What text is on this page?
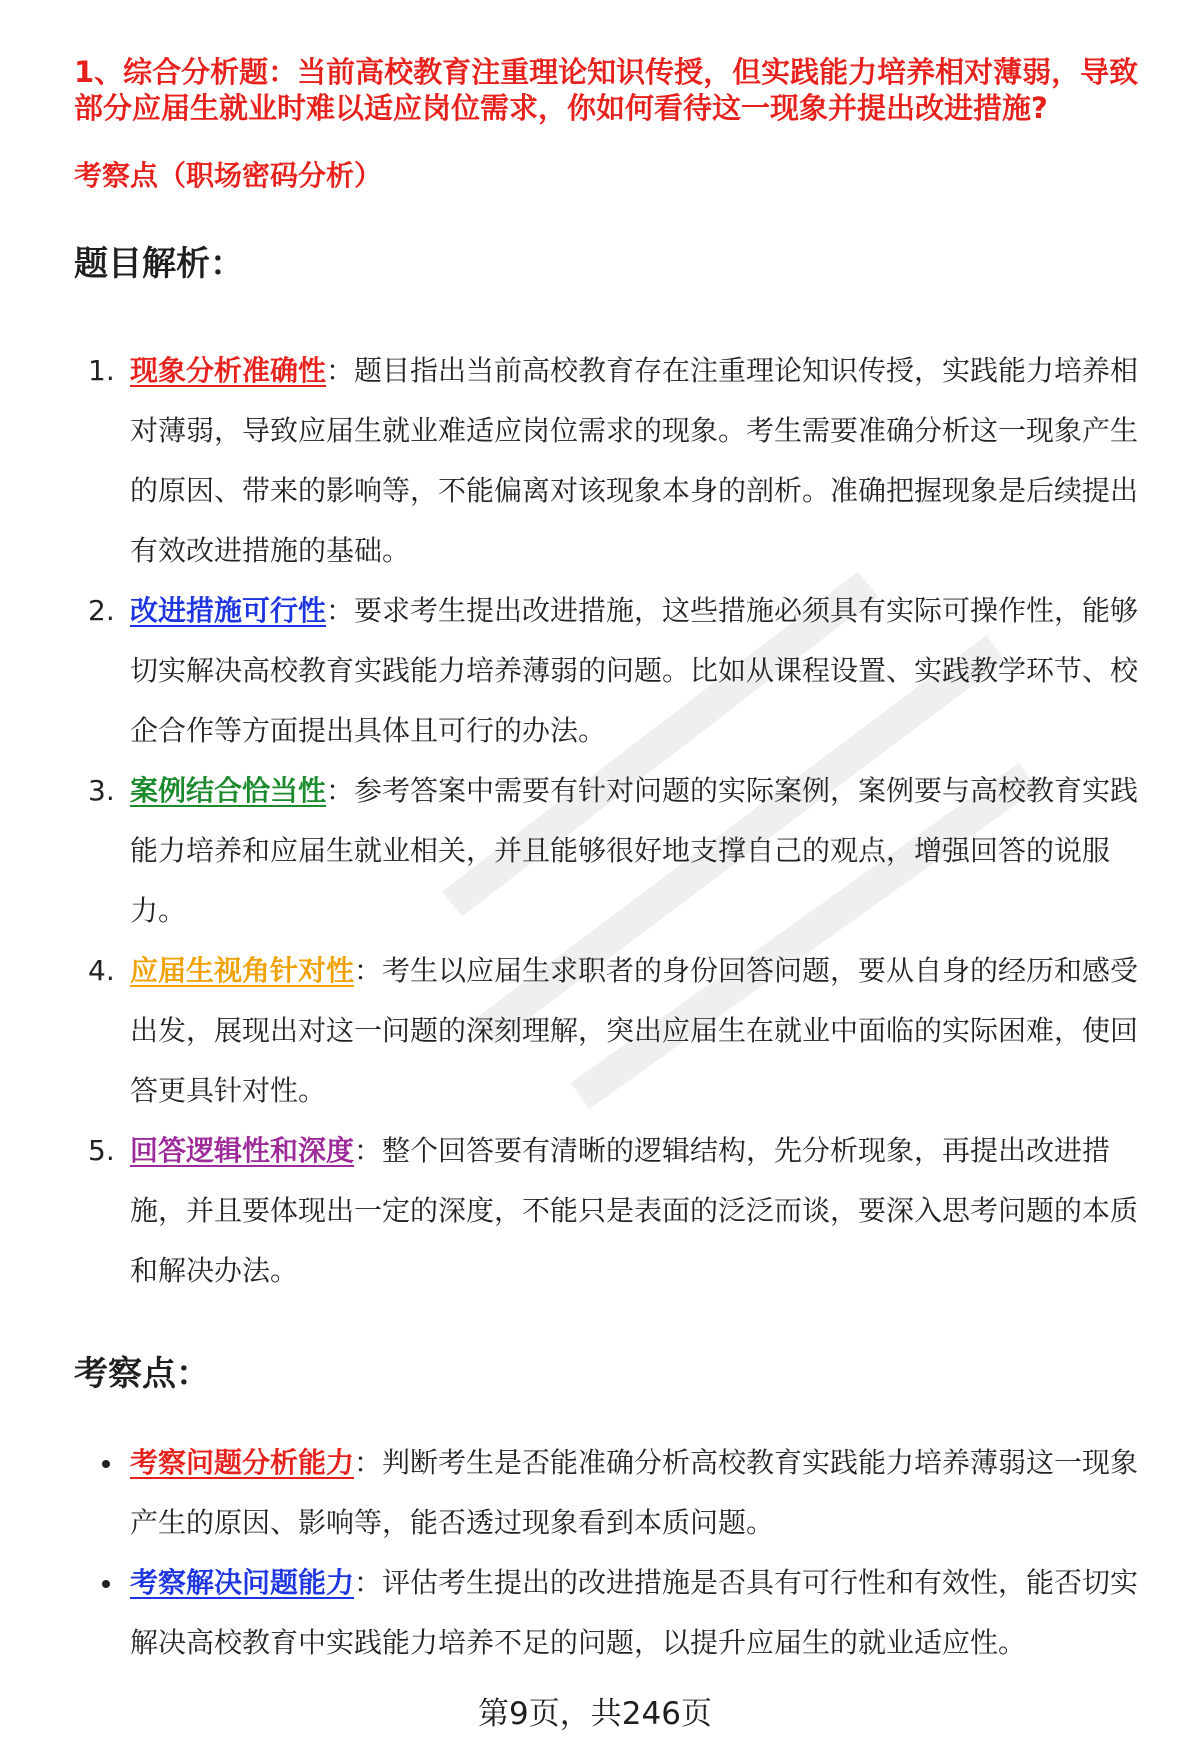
1、综合分析题：当前高校教育注重理论知识传授，但实践能力培养相对薄弱，导致部分应届生就业时难以适应岗位需求，你如何看待这一现象并提出改进措施?

考察点（职场密码分析）

题目解析：
1. 现象分析准确性：题目指出当前高校教育存在注重理论知识传授，实践能力培养相对薄弱，导致应届生就业难适应岗位需求的现象。考生需要准确分析这一现象产生的原因、带来的影响等，不能偏离对该现象本身的剖析。准确把握现象是后续提出有效改进措施的基础。
2. 改进措施可行性：要求考生提出改进措施，这些措施必须具有实际可操作性，能够切实解决高校教育实践能力培养薄弱的问题。比如从课程设置、实践教学环节、校企合作等方面提出具体且可行的办法。
3. 案例结合恰当性：参考答案中需要有针对问题的实际案例，案例要与高校教育实践能力培养和应届生就业相关，并且能够很好地支撑自己的观点，增强回答的说服力。
4. 应届生视角针对性：考生以应届生求职者的身份回答问题，要从自身的经历和感受出发，展现出对这一问题的深刻理解，突出应届生在就业中面临的实际困难，使回答更具针对性。
5. 回答逻辑性和深度：整个回答要有清晰的逻辑结构，先分析现象，再提出改进措施，并且要体现出一定的深度，不能只是表面的泛泛而谈，要深入思考问题的本质和解决办法。
考察点：
考察问题分析能力：判断考生是否能准确分析高校教育实践能力培养薄弱这一现象产生的原因、影响等，能否透过现象看到本质问题。
考察解决问题能力：评估考生提出的改进措施是否具有可行性和有效性，能否切实解决高校教育中实践能力培养不足的问题，以提升应届生的就业适应性。

第9页，共246页
